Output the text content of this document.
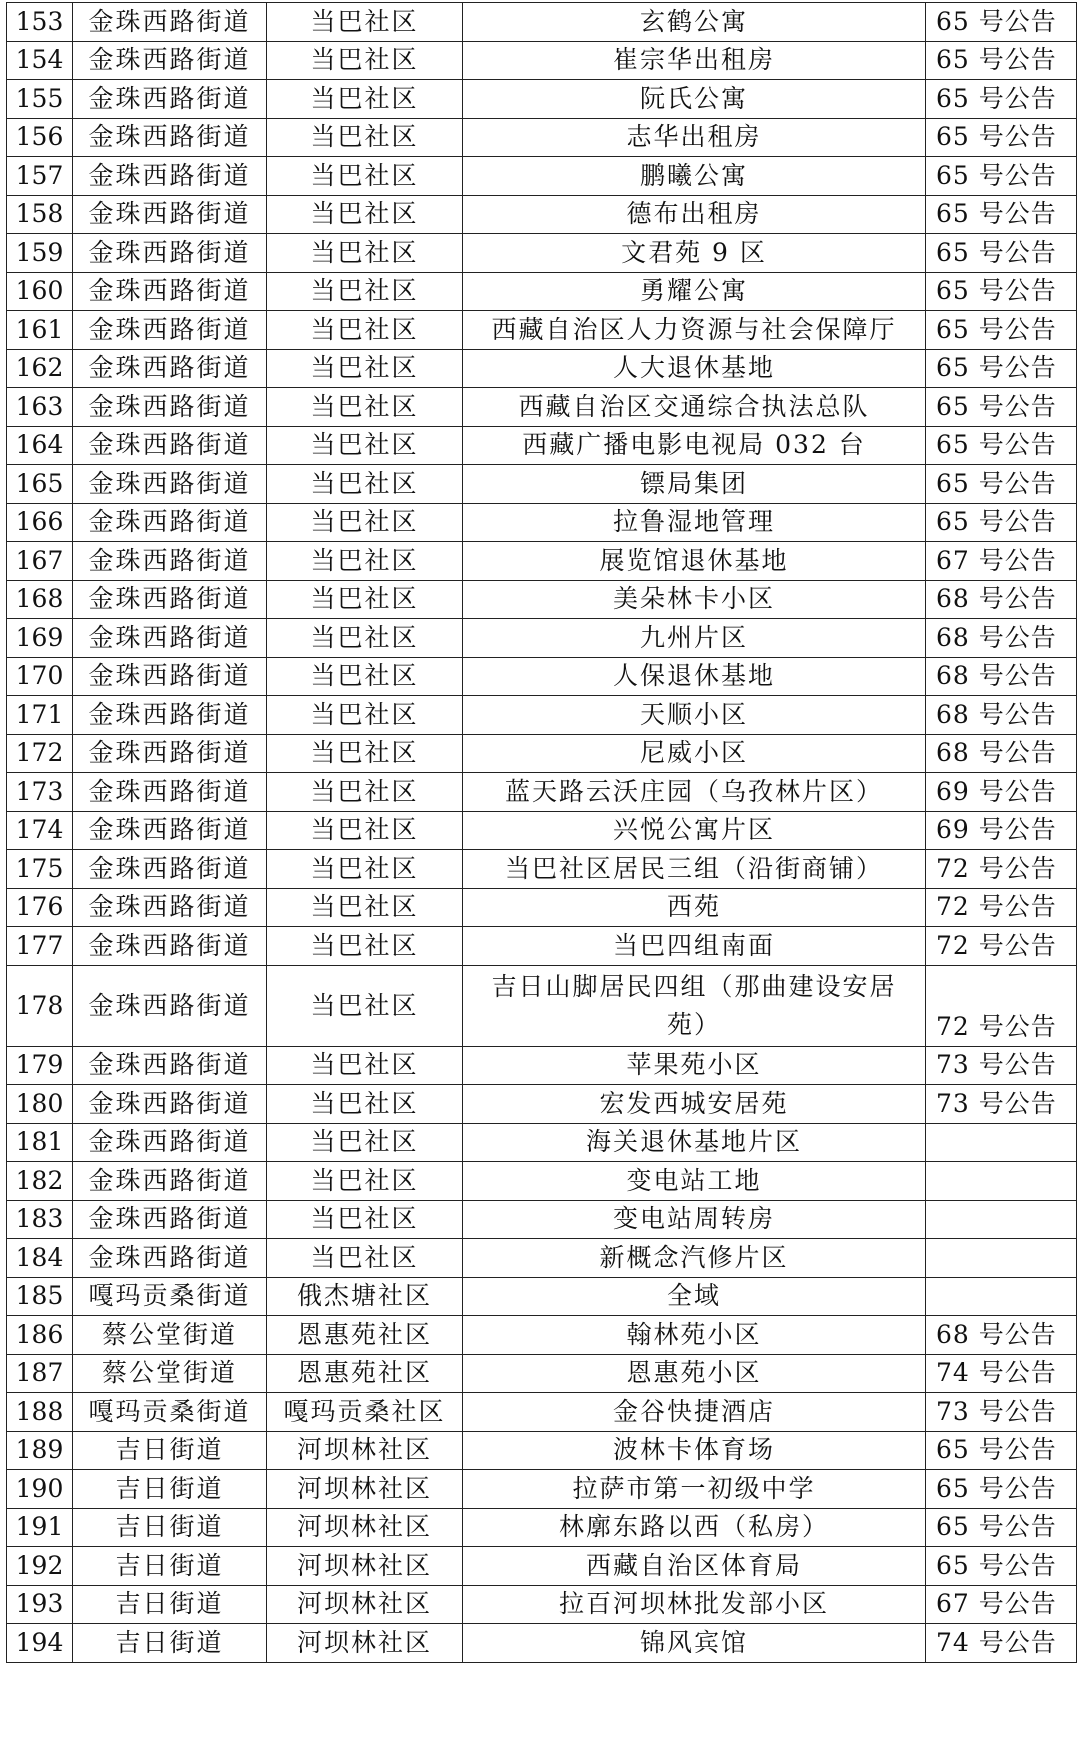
153	金珠西路街道	当巴社区	玄鹤公寓	65 号公告
154	金珠西路街道	当巴社区	崔宗华出租房	65 号公告
155	金珠西路街道	当巴社区	阮氏公寓	65 号公告
156	金珠西路街道	当巴社区	志华出租房	65 号公告
157	金珠西路街道	当巴社区	鹏曦公寓	65 号公告
158	金珠西路街道	当巴社区	德布出租房	65 号公告
159	金珠西路街道	当巴社区	文君苑 9 区	65 号公告
160	金珠西路街道	当巴社区	勇耀公寓	65 号公告
161	金珠西路街道	当巴社区	西藏自治区人力资源与社会保障厅	65 号公告
162	金珠西路街道	当巴社区	人大退休基地	65 号公告
163	金珠西路街道	当巴社区	西藏自治区交通综合执法总队	65 号公告
164	金珠西路街道	当巴社区	西藏广播电影电视局 032 台	65 号公告
165	金珠西路街道	当巴社区	镖局集团	65 号公告
166	金珠西路街道	当巴社区	拉鲁湿地管理	65 号公告
167	金珠西路街道	当巴社区	展览馆退休基地	67 号公告
168	金珠西路街道	当巴社区	美朵林卡小区	68 号公告
169	金珠西路街道	当巴社区	九州片区	68 号公告
170	金珠西路街道	当巴社区	人保退休基地	68 号公告
171	金珠西路街道	当巴社区	天顺小区	68 号公告
172	金珠西路街道	当巴社区	尼威小区	68 号公告
173	金珠西路街道	当巴社区	蓝天路云沃庄园（乌孜林片区）	69 号公告
174	金珠西路街道	当巴社区	兴悦公寓片区	69 号公告
175	金珠西路街道	当巴社区	当巴社区居民三组（沿街商铺）	72 号公告
176	金珠西路街道	当巴社区	西苑	72 号公告
177	金珠西路街道	当巴社区	当巴四组南面	72 号公告
178	金珠西路街道	当巴社区	吉日山脚居民四组（那曲建设安居苑）	72 号公告
179	金珠西路街道	当巴社区	苹果苑小区	73 号公告
180	金珠西路街道	当巴社区	宏发西城安居苑	73 号公告
181	金珠西路街道	当巴社区	海关退休基地片区	
182	金珠西路街道	当巴社区	变电站工地	
183	金珠西路街道	当巴社区	变电站周转房	
184	金珠西路街道	当巴社区	新概念汽修片区	
185	嘎玛贡桑街道	俄杰塘社区	全域	
186	蔡公堂街道	恩惠苑社区	翰林苑小区	68 号公告
187	蔡公堂街道	恩惠苑社区	恩惠苑小区	74 号公告
188	嘎玛贡桑街道	嘎玛贡桑社区	金谷快捷酒店	73 号公告
189	吉日街道	河坝林社区	波林卡体育场	65 号公告
190	吉日街道	河坝林社区	拉萨市第一初级中学	65 号公告
191	吉日街道	河坝林社区	林廓东路以西（私房）	65 号公告
192	吉日街道	河坝林社区	西藏自治区体育局	65 号公告
193	吉日街道	河坝林社区	拉百河坝林批发部小区	67 号公告
194	吉日街道	河坝林社区	锦风宾馆	74 号公告
